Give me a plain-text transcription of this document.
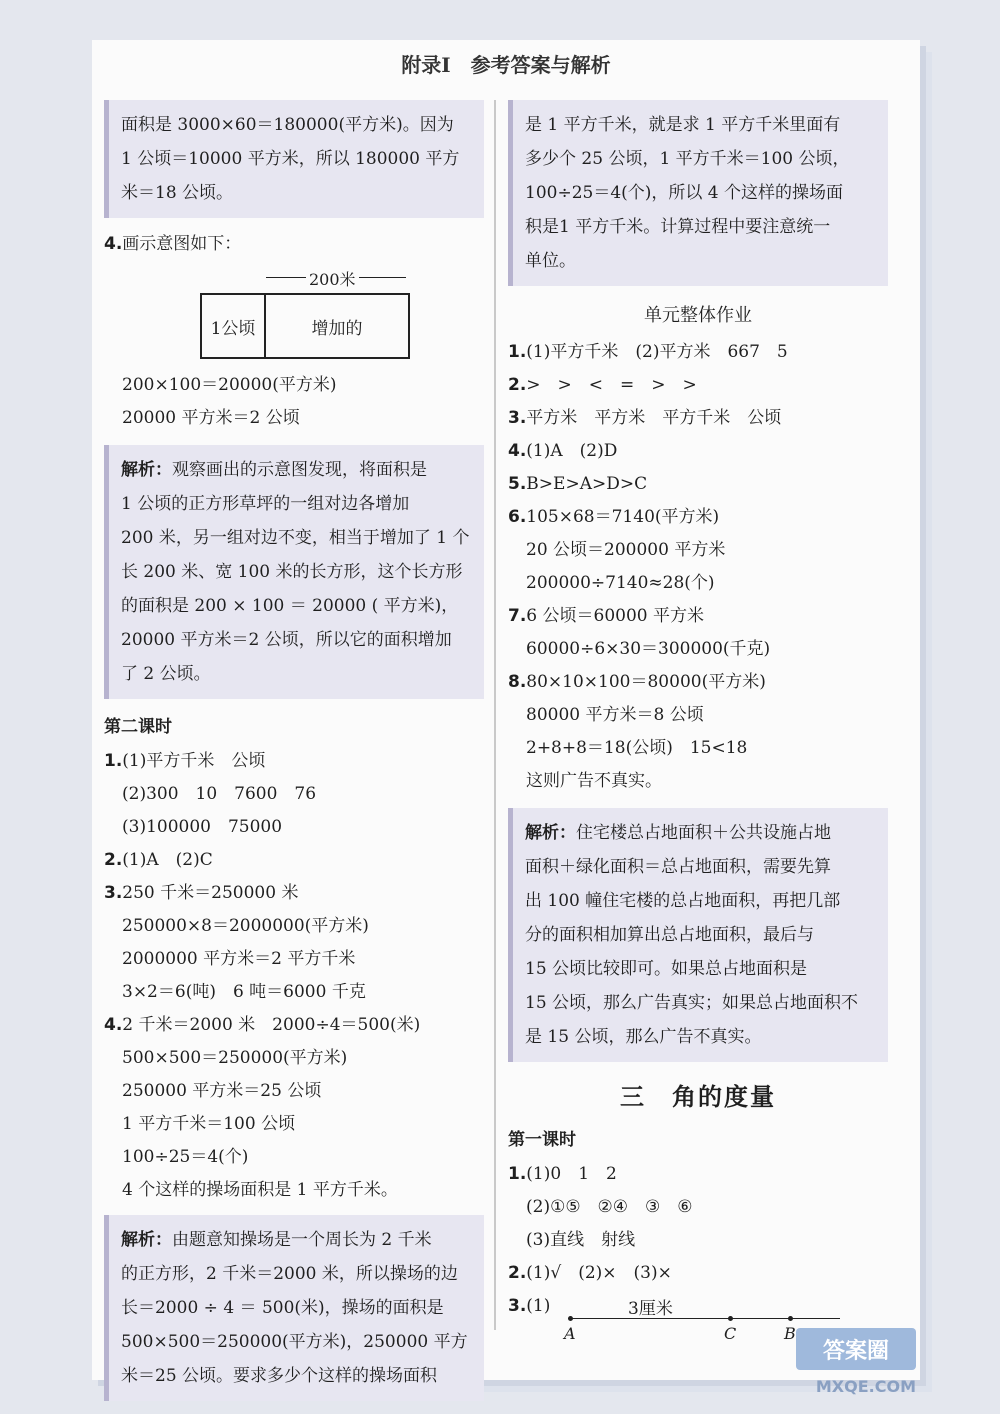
附录Ⅰ 参考答案与解析
面积是 3000×60＝180000(平方米)。因为
1 公顷＝10000 平方米，所以 180000 平方
米＝18 公顷。
4.画示意图如下：
200米
1公顷	增加的
200×100＝20000(平方米)
20000 平方米＝2 公顷
解析：观察画出的示意图发现，将面积是
1 公顷的正方形草坪的一组对边各增加
200 米，另一组对边不变，相当于增加了 1 个
长 200 米、宽 100 米的长方形，这个长方形
的面积是 200 × 100 ＝ 20000 ( 平方米)，
20000 平方米＝2 公顷，所以它的面积增加
了 2 公顷。
第二课时
1.(1)平方千米　公顷
(2)300　10　7600　76
(3)100000　75000
2.(1)A　(2)C
3.250 千米＝250000 米
250000×8＝2000000(平方米)
2000000 平方米＝2 平方千米
3×2＝6(吨)　6 吨＝6000 千克
4.2 千米＝2000 米　2000÷4＝500(米)
500×500＝250000(平方米)
250000 平方米＝25 公顷
1 平方千米＝100 公顷
100÷25＝4(个)
4 个这样的操场面积是 1 平方千米。
解析：由题意知操场是一个周长为 2 千米
的正方形，2 千米＝2000 米，所以操场的边
长＝2000 ÷ 4 ＝ 500(米)，操场的面积是
500×500＝250000(平方米)，250000 平方
米＝25 公顷。要求多少个这样的操场面积
是 1 平方千米，就是求 1 平方千米里面有
多少个 25 公顷，1 平方千米＝100 公顷，
100÷25＝4(个)，所以 4 个这样的操场面
积是1 平方千米。计算过程中要注意统一
单位。
单元整体作业
1.(1)平方千米　(2)平方米　667　5
2.>　>　<　=　>　>
3.平方米　平方米　平方千米　公顷
4.(1)A　(2)D
5.B>E>A>D>C
6.105×68＝7140(平方米)
20 公顷＝200000 平方米
200000÷7140≈28(个)
7.6 公顷＝60000 平方米
60000÷6×30＝300000(千克)
8.80×10×100＝80000(平方米)
80000 平方米＝8 公顷
2+8+8＝18(公顷)　15<18
这则广告不真实。
解析：住宅楼总占地面积＋公共设施占地
面积＋绿化面积＝总占地面积，需要先算
出 100 幢住宅楼的总占地面积，再把几部
分的面积相加算出总占地面积，最后与
15 公顷比较即可。如果总占地面积是
15 公顷，那么广告真实；如果总占地面积不
是 15 公顷，那么广告不真实。
三　角的度量
第一课时
1.(1)0　1　2
(2)①⑤　②④　③　⑥
(3)直线　射线
2.(1)√　(2)×　(3)×
3.(1)	3厘米
A	C	B
答案圈
MXQE.COM
